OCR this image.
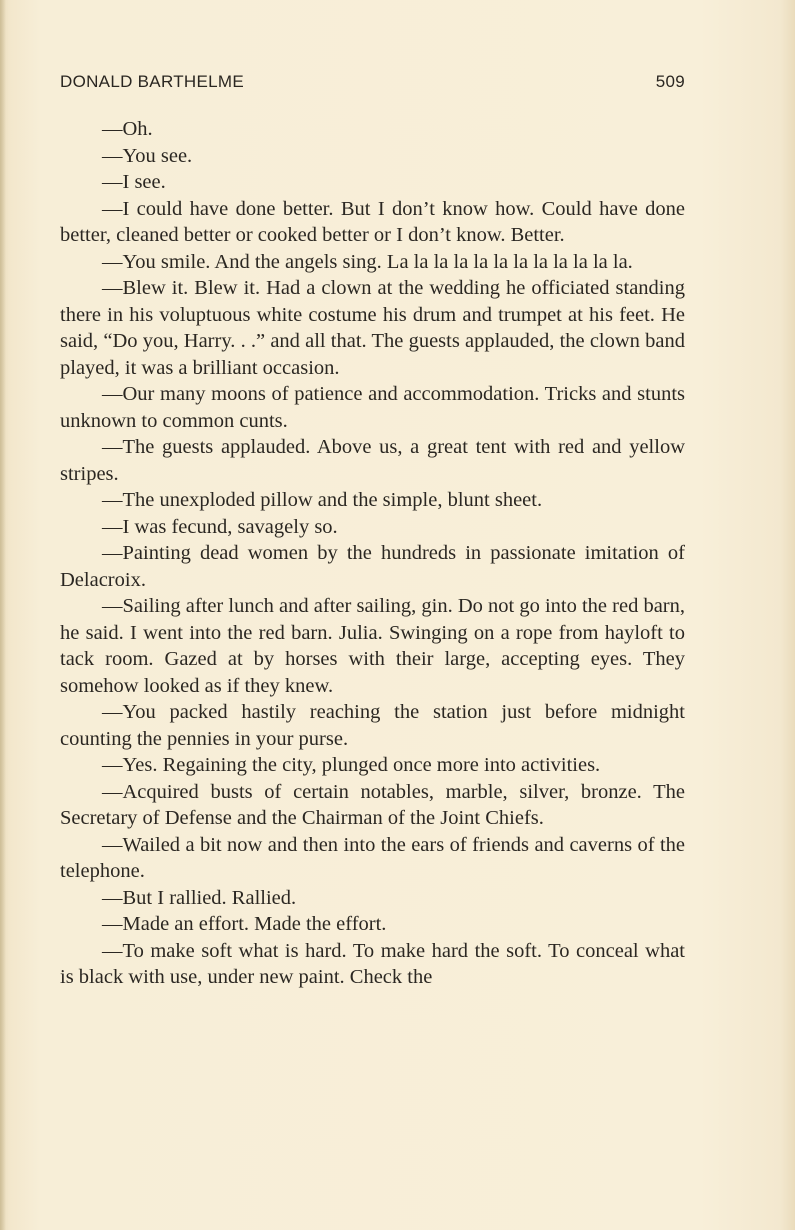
DONALD BARTHELME	509

—Oh.

—You see.

—I see.

—I could have done better. But I don’t know how. Could have done better, cleaned better or cooked better or I don’t know. Better.

—You smile. And the angels sing. La la la la la la la la la la la la.

—Blew it. Blew it. Had a clown at the wedding he officiated standing there in his voluptuous white costume his drum and trumpet at his feet. He said, “Do you, Harry. . .” and all that. The guests applauded, the clown band played, it was a brilliant occasion.

—Our many moons of patience and accommodation. Tricks and stunts unknown to common cunts.

—The guests applauded. Above us, a great tent with red and yellow stripes.

—The unexploded pillow and the simple, blunt sheet.

—I was fecund, savagely so.

—Painting dead women by the hundreds in passionate imitation of Delacroix.

—Sailing after lunch and after sailing, gin. Do not go into the red barn, he said. I went into the red barn. Julia. Swinging on a rope from hayloft to tack room. Gazed at by horses with their large, accepting eyes. They somehow looked as if they knew.

—You packed hastily reaching the station just before midnight counting the pennies in your purse.

—Yes. Regaining the city, plunged once more into activities.

—Acquired busts of certain notables, marble, silver, bronze. The Secretary of Defense and the Chairman of the Joint Chiefs.

—Wailed a bit now and then into the ears of friends and caverns of the telephone.

—But I rallied. Rallied.

—Made an effort. Made the effort.

—To make soft what is hard. To make hard the soft. To conceal what is black with use, under new paint. Check the
